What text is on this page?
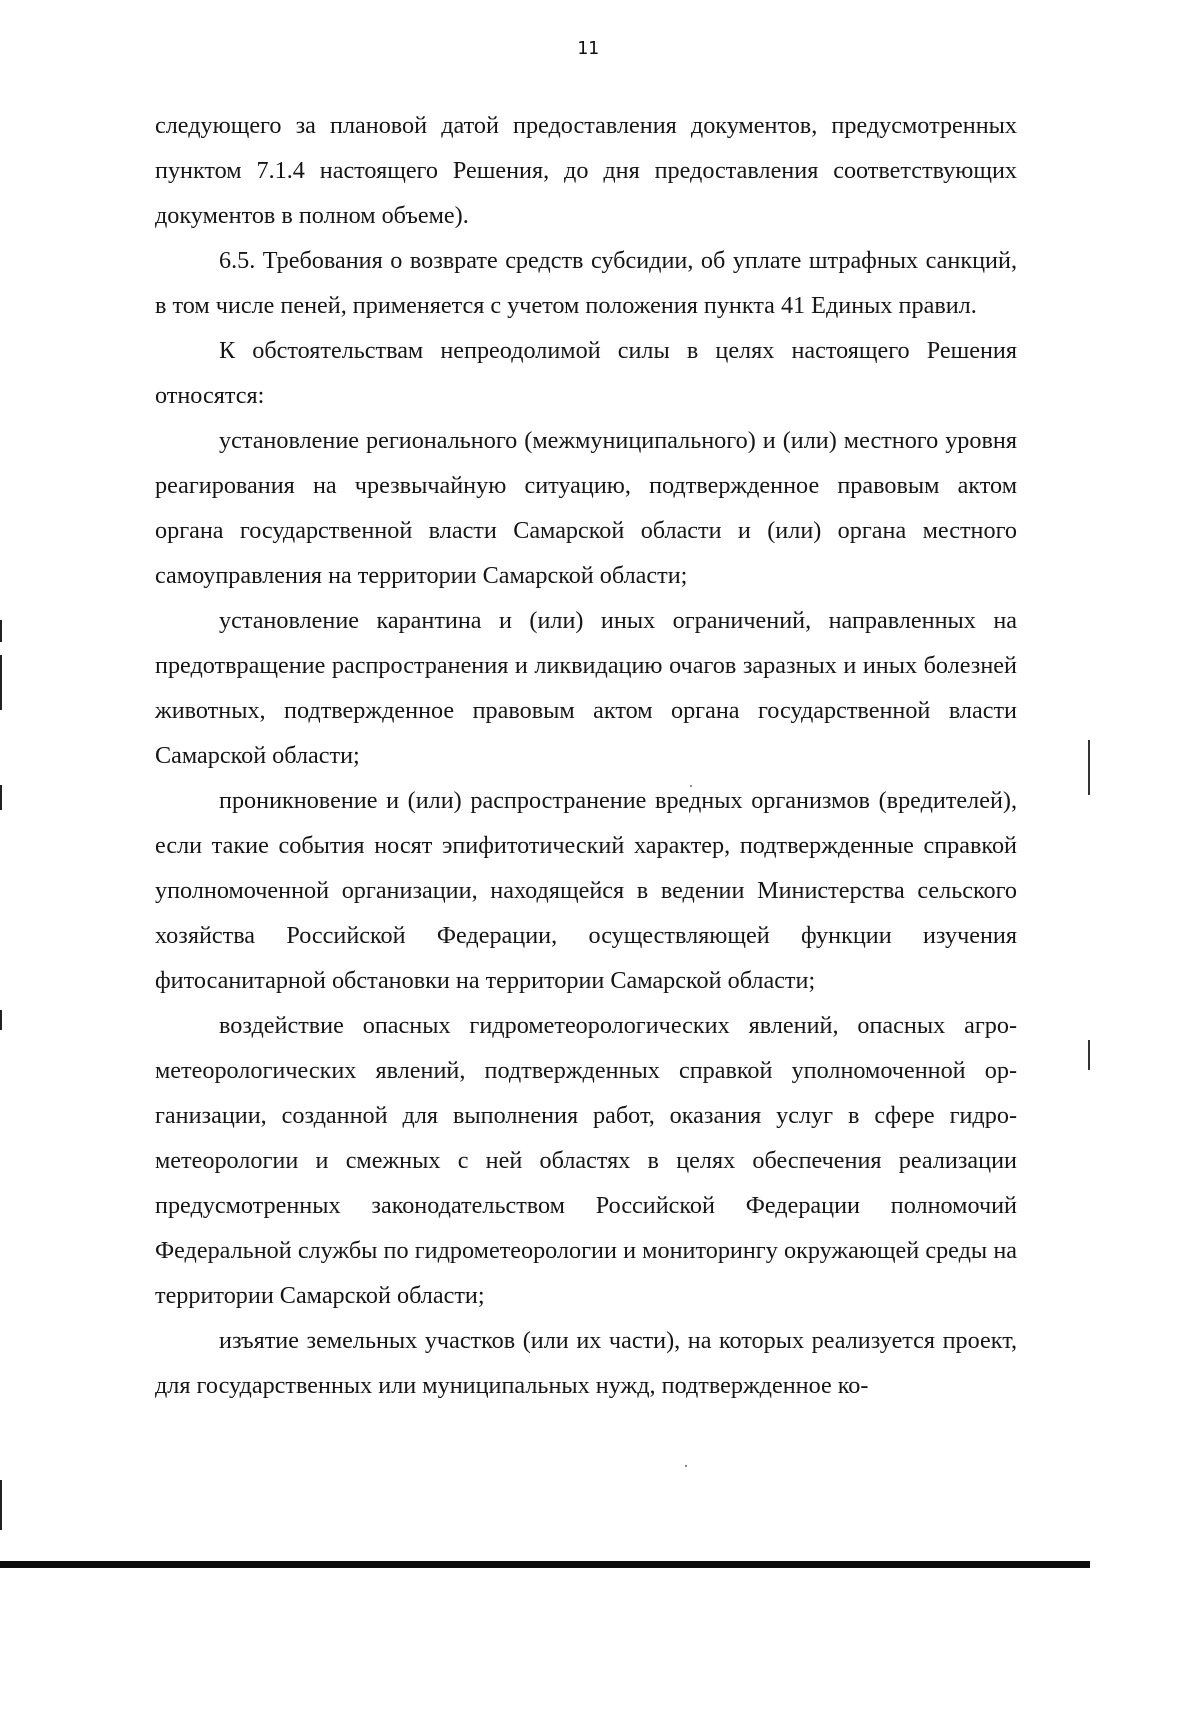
11

следующего за плановой датой предоставления документов, предусмотренных пунктом 7.1.4 настоящего Решения, до дня предоставления соответствующих документов в полном объеме).

6.5. Требования о возврате средств субсидии, об уплате штрафных санкций, в том числе пеней, применяется с учетом положения пункта 41 Единых правил.

К обстоятельствам непреодолимой силы в целях настоящего Решения относятся:

установление регионального (межмуниципального) и (или) местного уровня реагирования на чрезвычайную ситуацию, подтвержденное правовым актом органа государственной власти Самарской области и (или) органа местного самоуправления на территории Самарской области;

установление карантина и (или) иных ограничений, направленных на предотвращение распространения и ликвидацию очагов заразных и иных болезней животных, подтвержденное правовым актом органа государственной власти Самарской области;

проникновение и (или) распространение вредных организмов (вредителей), если такие события носят эпифитотический характер, подтвержденные справкой уполномоченной организации, находящейся в ведении Министерства сельского хозяйства Российской Федерации, осуществляющей функции изучения фитосанитарной обстановки на территории Самарской области;

воздействие опасных гидрометеорологических явлений, опасных агрометеорологических явлений, подтвержденных справкой уполномоченной организации, созданной для выполнения работ, оказания услуг в сфере гидрометеорологии и смежных с ней областях в целях обеспечения реализации предусмотренных законодательством Российской Федерации полномочий Федеральной службы по гидрометеорологии и мониторингу окружающей среды на территории Самарской области;

изъятие земельных участков (или их части), на которых реализуется проект, для государственных или муниципальных нужд, подтвержденное ко-
